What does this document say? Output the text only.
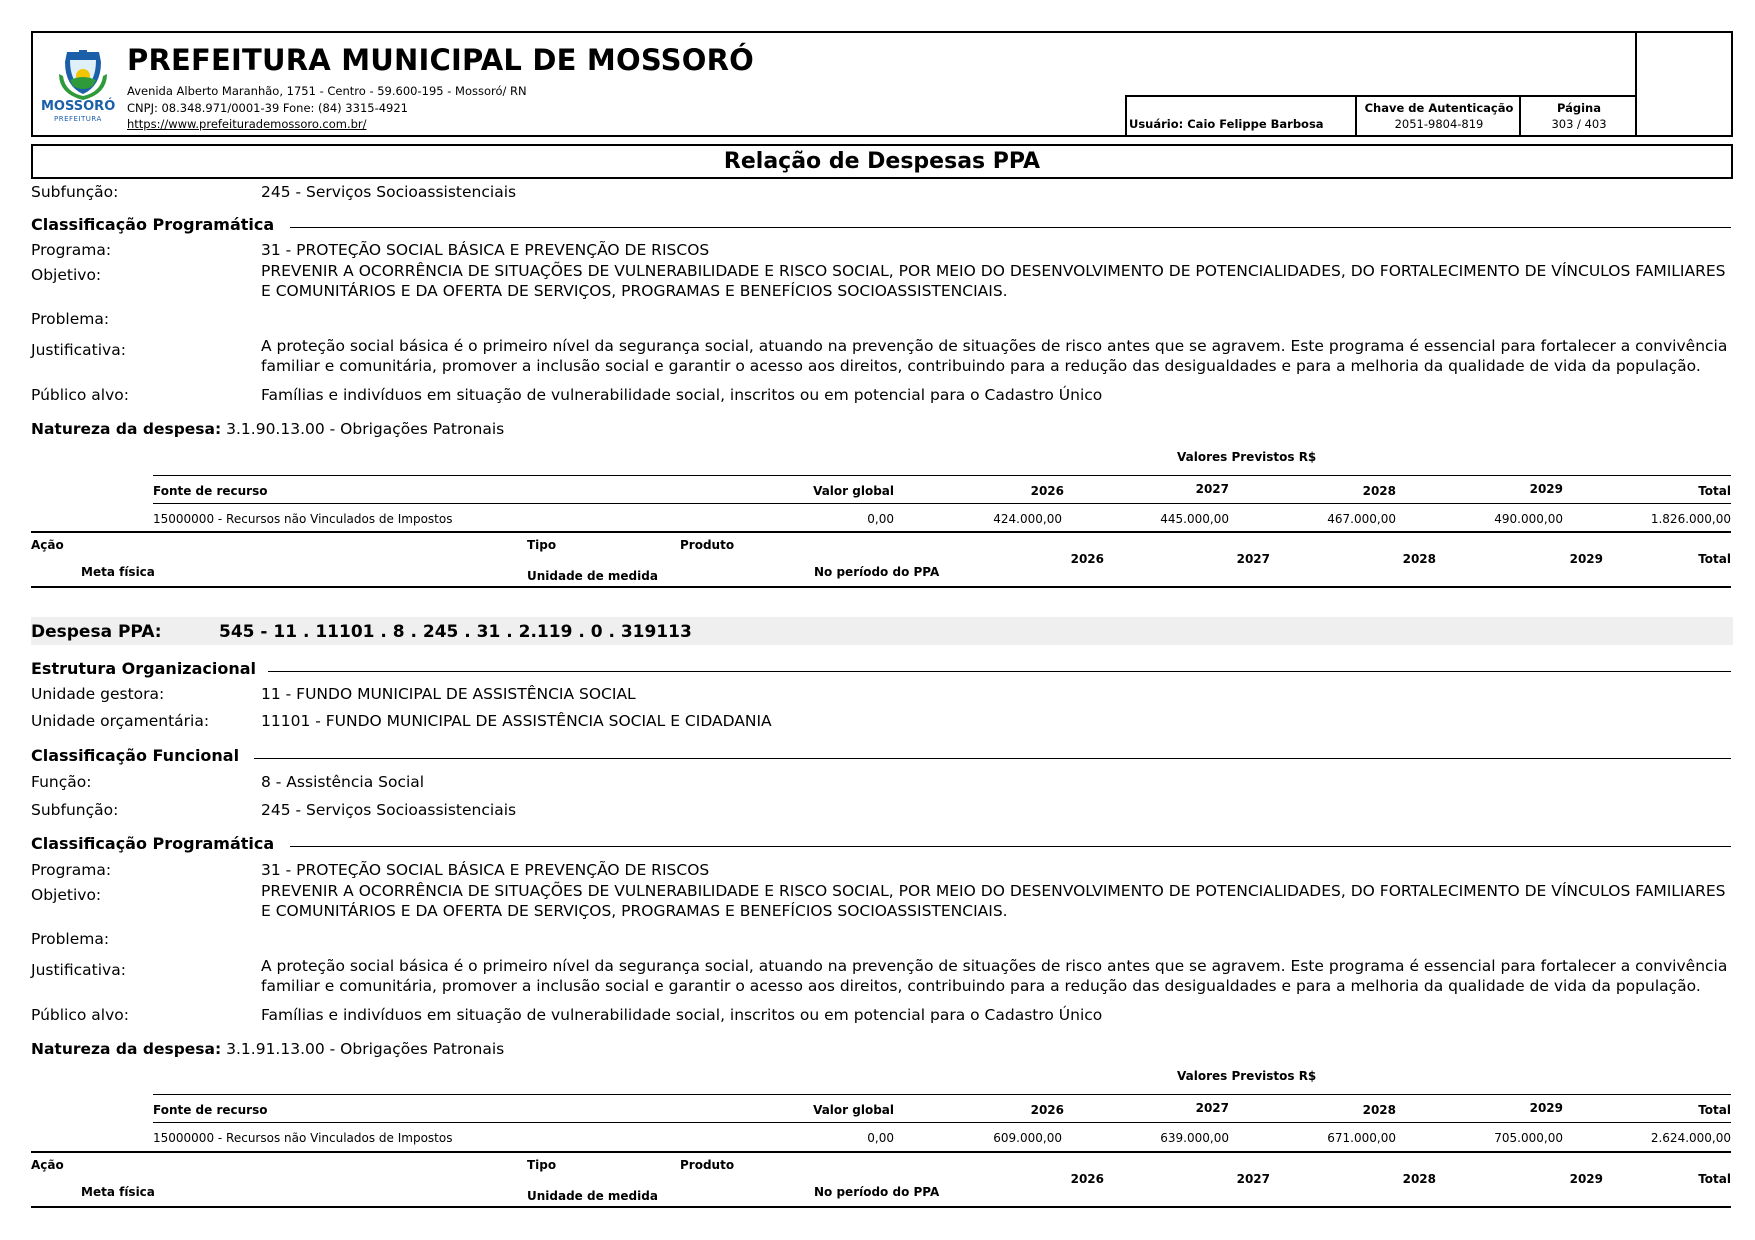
MOSSORÓ
PREFEITURA
PREFEITURA MUNICIPAL DE MOSSORÓ
Avenida Alberto Maranhão, 1751 - Centro - 59.600-195 - Mossoró/ RN
CNPJ: 08.348.971/0001-39 Fone: (84) 3315-4921
https://www.prefeiturademossoro.com.br/	Usuário: Caio Felippe Barbosa
Chave de Autenticação
2051-9804-819
Página
303 / 403
Relação de Despesas PPA
Subfunção:	245 - Serviços Socioassistenciais
Classificação Programática
Programa:	31 - PROTEÇÃO SOCIAL BÁSICA E PREVENÇÃO DE RISCOS
Objetivo:	PREVENIR A OCORRÊNCIA DE SITUAÇÕES DE VULNERABILIDADE E RISCO SOCIAL, POR MEIO DO DESENVOLVIMENTO DE POTENCIALIDADES, DO FORTALECIMENTO DE VÍNCULOS FAMILIARES E COMUNITÁRIOS E DA OFERTA DE SERVIÇOS, PROGRAMAS E BENEFÍCIOS SOCIOASSISTENCIAIS.
Problema:
Justificativa:	A proteção social básica é o primeiro nível da segurança social, atuando na prevenção de situações de risco antes que se agravem. Este programa é essencial para fortalecer a convivência familiar e comunitária, promover a inclusão social e garantir o acesso aos direitos, contribuindo para a redução das desigualdades e para a melhoria da qualidade de vida da população.
Público alvo:	Famílias e indivíduos em situação de vulnerabilidade social, inscritos ou em potencial para o Cadastro Único
Natureza da despesa: 3.1.90.13.00 - Obrigações Patronais
Valores Previstos R$
Fonte de recurso	Valor global	2026	2027	2028	2029	Total
15000000 - Recursos não Vinculados de Impostos	0,00	424.000,00	445.000,00	467.000,00	490.000,00	1.826.000,00
Ação	Tipo	Produto
Meta física	Unidade de medida	No período do PPA
2026	2027	2028	2029	Total
Despesa PPA:	545 - 11 . 11101 . 8 . 245 . 31 . 2.119 . 0 . 319113
Estrutura Organizacional
Unidade gestora:	11 - FUNDO MUNICIPAL DE ASSISTÊNCIA SOCIAL
Unidade orçamentária:	11101 - FUNDO MUNICIPAL DE ASSISTÊNCIA SOCIAL E CIDADANIA
Classificação Funcional
Função:	8 - Assistência Social
Subfunção:	245 - Serviços Socioassistenciais
Classificação Programática
Programa:	31 - PROTEÇÃO SOCIAL BÁSICA E PREVENÇÃO DE RISCOS
Objetivo:	PREVENIR A OCORRÊNCIA DE SITUAÇÕES DE VULNERABILIDADE E RISCO SOCIAL, POR MEIO DO DESENVOLVIMENTO DE POTENCIALIDADES, DO FORTALECIMENTO DE VÍNCULOS FAMILIARES E COMUNITÁRIOS E DA OFERTA DE SERVIÇOS, PROGRAMAS E BENEFÍCIOS SOCIOASSISTENCIAIS.
Problema:
Justificativa:	A proteção social básica é o primeiro nível da segurança social, atuando na prevenção de situações de risco antes que se agravem. Este programa é essencial para fortalecer a convivência familiar e comunitária, promover a inclusão social e garantir o acesso aos direitos, contribuindo para a redução das desigualdades e para a melhoria da qualidade de vida da população.
Público alvo:	Famílias e indivíduos em situação de vulnerabilidade social, inscritos ou em potencial para o Cadastro Único
Natureza da despesa: 3.1.91.13.00 - Obrigações Patronais
Valores Previstos R$
Fonte de recurso	Valor global	2026	2027	2028	2029	Total
15000000 - Recursos não Vinculados de Impostos	0,00	609.000,00	639.000,00	671.000,00	705.000,00	2.624.000,00
Ação	Tipo	Produto
Meta física	Unidade de medida	No período do PPA
2026	2027	2028	2029	Total
